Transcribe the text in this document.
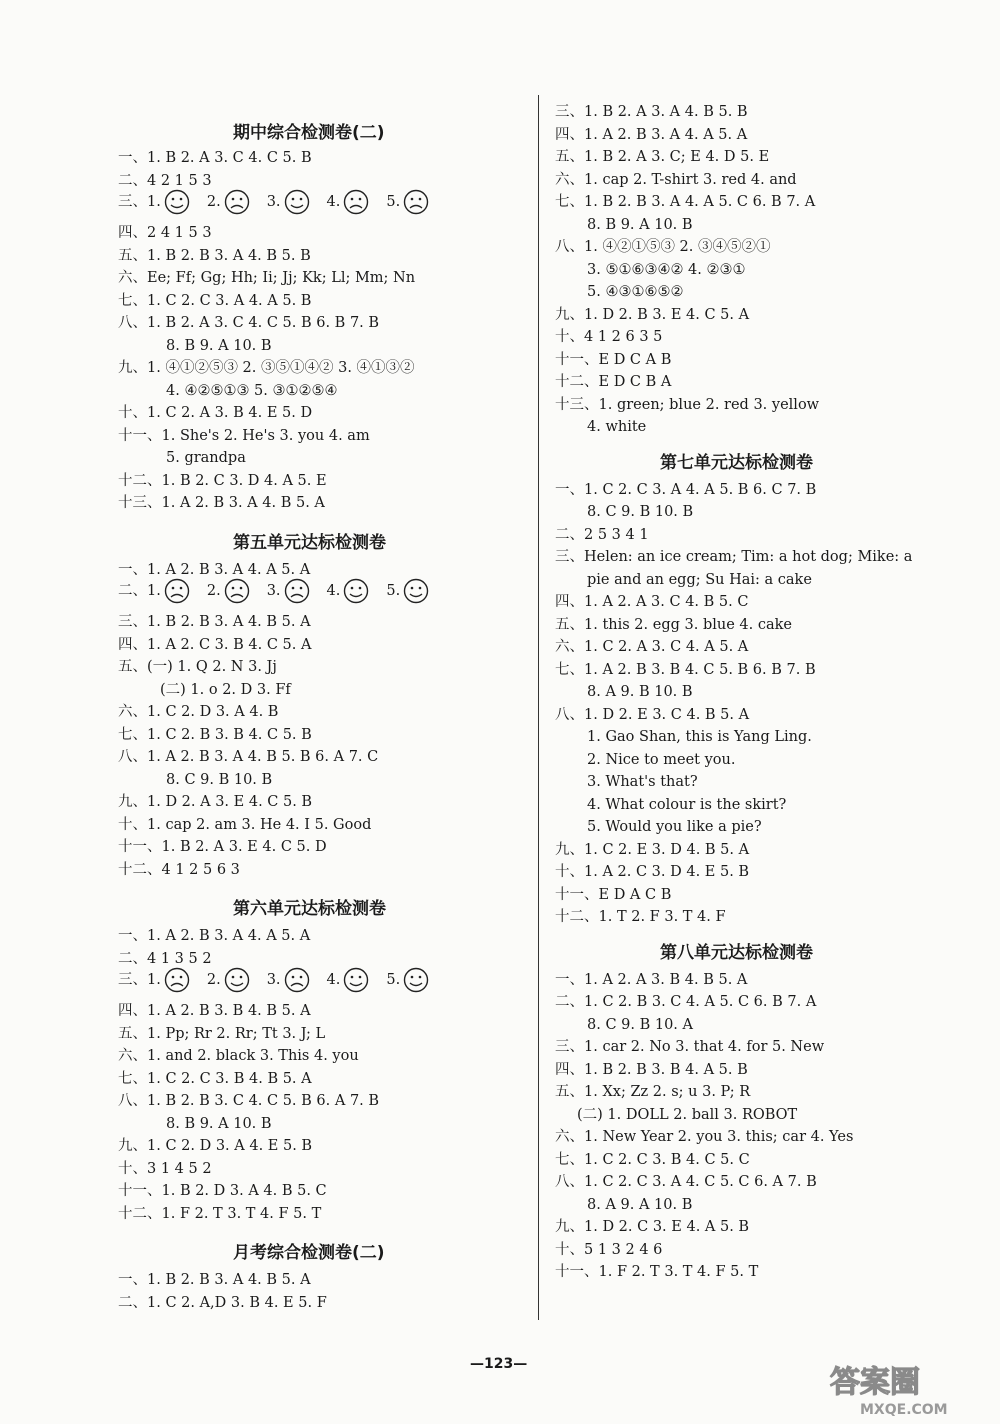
期中综合检测卷(二)
一、1. B 2. A 3. C 4. C 5. B
二、4 2 1 5 3
三、1.	2.	3.	4.	5.
四、2 4 1 5 3
五、1. B 2. B 3. A 4. B 5. B
六、Ee; Ff; Gg; Hh; Ii; Jj; Kk; Ll; Mm; Nn
七、1. C 2. C 3. A 4. A 5. B
八、1. B 2. A 3. C 4. C 5. B 6. B 7. B
8. B 9. A 10. B
九、1. ④①②⑤③ 2. ③⑤①④② 3. ④①③②
4. ④②⑤①③ 5. ③①②⑤④
十、1. C 2. A 3. B 4. E 5. D
十一、1. She's 2. He's 3. you 4. am
5. grandpa
十二、1. B 2. C 3. D 4. A 5. E
十三、1. A 2. B 3. A 4. B 5. A
第五单元达标检测卷
一、1. A 2. B 3. A 4. A 5. A
二、1.	2.	3.	4.	5.
三、1. B 2. B 3. A 4. B 5. A
四、1. A 2. C 3. B 4. C 5. A
五、(一) 1. Q 2. N 3. Jj
(二) 1. o 2. D 3. Ff
六、1. C 2. D 3. A 4. B
七、1. C 2. B 3. B 4. C 5. B
八、1. A 2. B 3. A 4. B 5. B 6. A 7. C
8. C 9. B 10. B
九、1. D 2. A 3. E 4. C 5. B
十、1. cap 2. am 3. He 4. I 5. Good
十一、1. B 2. A 3. E 4. C 5. D
十二、4 1 2 5 6 3
第六单元达标检测卷
一、1. A 2. B 3. A 4. A 5. A
二、4 1 3 5 2
三、1.	2.	3.	4.	5.
四、1. A 2. B 3. B 4. B 5. A
五、1. Pp; Rr 2. Rr; Tt 3. J; L
六、1. and 2. black 3. This 4. you
七、1. C 2. C 3. B 4. B 5. A
八、1. B 2. B 3. C 4. C 5. B 6. A 7. B
8. B 9. A 10. B
九、1. C 2. D 3. A 4. E 5. B
十、3 1 4 5 2
十一、1. B 2. D 3. A 4. B 5. C
十二、1. F 2. T 3. T 4. F 5. T
月考综合检测卷(二)
一、1. B 2. B 3. A 4. B 5. A
二、1. C 2. A,D 3. B 4. E 5. F
三、1. B 2. A 3. A 4. B 5. B
四、1. A 2. B 3. A 4. A 5. A
五、1. B 2. A 3. C; E 4. D 5. E
六、1. cap 2. T-shirt 3. red 4. and
七、1. B 2. B 3. A 4. A 5. C 6. B 7. A
8. B 9. A 10. B
八、1. ④②①⑤③ 2. ③④⑤②①
3. ⑤①⑥③④② 4. ②③①
5. ④③①⑥⑤②
九、1. D 2. B 3. E 4. C 5. A
十、4 1 2 6 3 5
十一、E D C A B
十二、E D C B A
十三、1. green; blue 2. red 3. yellow
4. white
第七单元达标检测卷
一、1. C 2. C 3. A 4. A 5. B 6. C 7. B
8. C 9. B 10. B
二、2 5 3 4 1
三、Helen: an ice cream; Tim: a hot dog; Mike: a
pie and an egg; Su Hai: a cake
四、1. A 2. A 3. C 4. B 5. C
五、1. this 2. egg 3. blue 4. cake
六、1. C 2. A 3. C 4. A 5. A
七、1. A 2. B 3. B 4. C 5. B 6. B 7. B
8. A 9. B 10. B
八、1. D 2. E 3. C 4. B 5. A
1. Gao Shan, this is Yang Ling.
2. Nice to meet you.
3. What's that?
4. What colour is the skirt?
5. Would you like a pie?
九、1. C 2. E 3. D 4. B 5. A
十、1. A 2. C 3. D 4. E 5. B
十一、E D A C B
十二、1. T 2. F 3. T 4. F
第八单元达标检测卷
一、1. A 2. A 3. B 4. B 5. A
二、1. C 2. B 3. C 4. A 5. C 6. B 7. A
8. C 9. B 10. A
三、1. car 2. No 3. that 4. for 5. New
四、1. B 2. B 3. B 4. A 5. B
五、1. Xx; Zz 2. s; u 3. P; R
(二) 1. DOLL 2. ball 3. ROBOT
六、1. New Year 2. you 3. this; car 4. Yes
七、1. C 2. C 3. B 4. C 5. C
八、1. C 2. C 3. A 4. C 5. C 6. A 7. B
8. A 9. A 10. B
九、1. D 2. C 3. E 4. A 5. B
十、5 1 3 2 4 6
十一、1. F 2. T 3. T 4. F 5. T
—123—
答案圈
MXQE.COM
